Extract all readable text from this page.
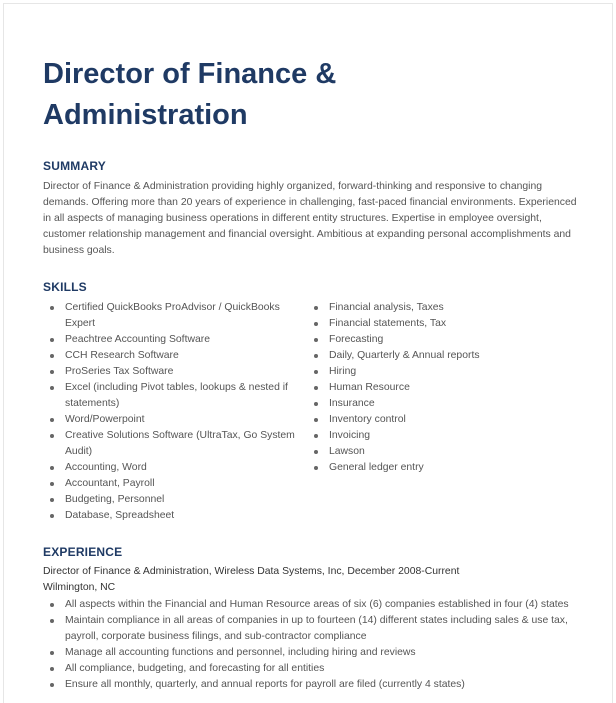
Director of Finance & Administration
SUMMARY

Director of Finance & Administration providing highly organized, forward-thinking and responsive to changing demands. Offering more than 20 years of experience in challenging, fast-paced financial environments. Experienced in all aspects of managing business operations in different entity structures. Expertise in employee oversight, customer relationship management and financial oversight. Ambitious at expanding personal accomplishments and business goals.

SKILLS
Certified QuickBooks ProAdvisor / QuickBooks Expert
Peachtree Accounting Software
CCH Research Software
ProSeries Tax Software
Excel (including Pivot tables, lookups & nested if statements)
Word/Powerpoint
Creative Solutions Software (UltraTax, Go System Audit)
Accounting, Word
Accountant, Payroll
Budgeting, Personnel
Database, Spreadsheet
Financial analysis, Taxes
Financial statements, Tax
Forecasting
Daily, Quarterly & Annual reports
Hiring
Human Resource
Insurance
Inventory control
Invoicing
Lawson
General ledger entry
EXPERIENCE
Director of Finance & Administration, Wireless Data Systems, Inc, December 2008-Current
Wilmington, NC
All aspects within the Financial and Human Resource areas of six (6) companies established in four (4) states
Maintain compliance in all areas of companies in up to fourteen (14) different states including sales & use tax, payroll, corporate business filings, and sub-contractor compliance
Manage all accounting functions and personnel, including hiring and reviews
All compliance, budgeting, and forecasting for all entities
Ensure all monthly, quarterly, and annual reports for payroll are filed (currently 4 states)
